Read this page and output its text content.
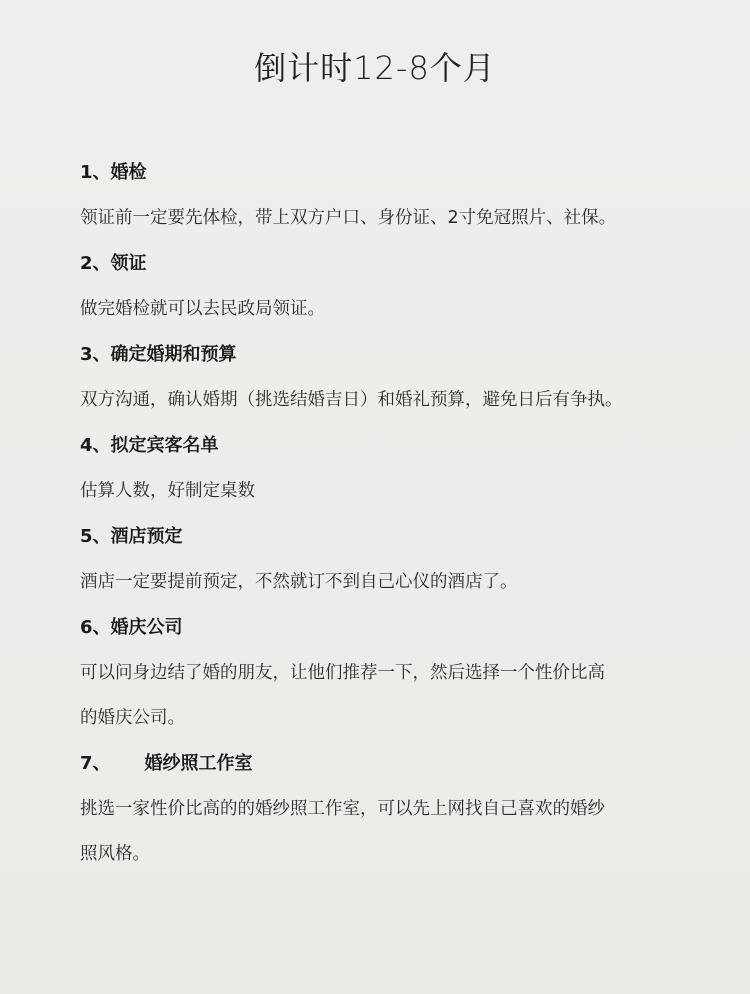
倒计时12-8个月
1、婚检

领证前一定要先体检，带上双方户口、身份证、2寸免冠照片、社保。

2、领证

做完婚检就可以去民政局领证。

3、确定婚期和预算

双方沟通，确认婚期（挑选结婚吉日）和婚礼预算，避免日后有争执。

4、拟定宾客名单

估算人数，好制定桌数

5、酒店预定

酒店一定要提前预定，不然就订不到自己心仪的酒店了。

6、婚庆公司

可以问身边结了婚的朋友，让他们推荐一下，然后选择一个性价比高

的婚庆公司。

7、 婚纱照工作室

挑选一家性价比高的的婚纱照工作室，可以先上网找自己喜欢的婚纱

照风格。
